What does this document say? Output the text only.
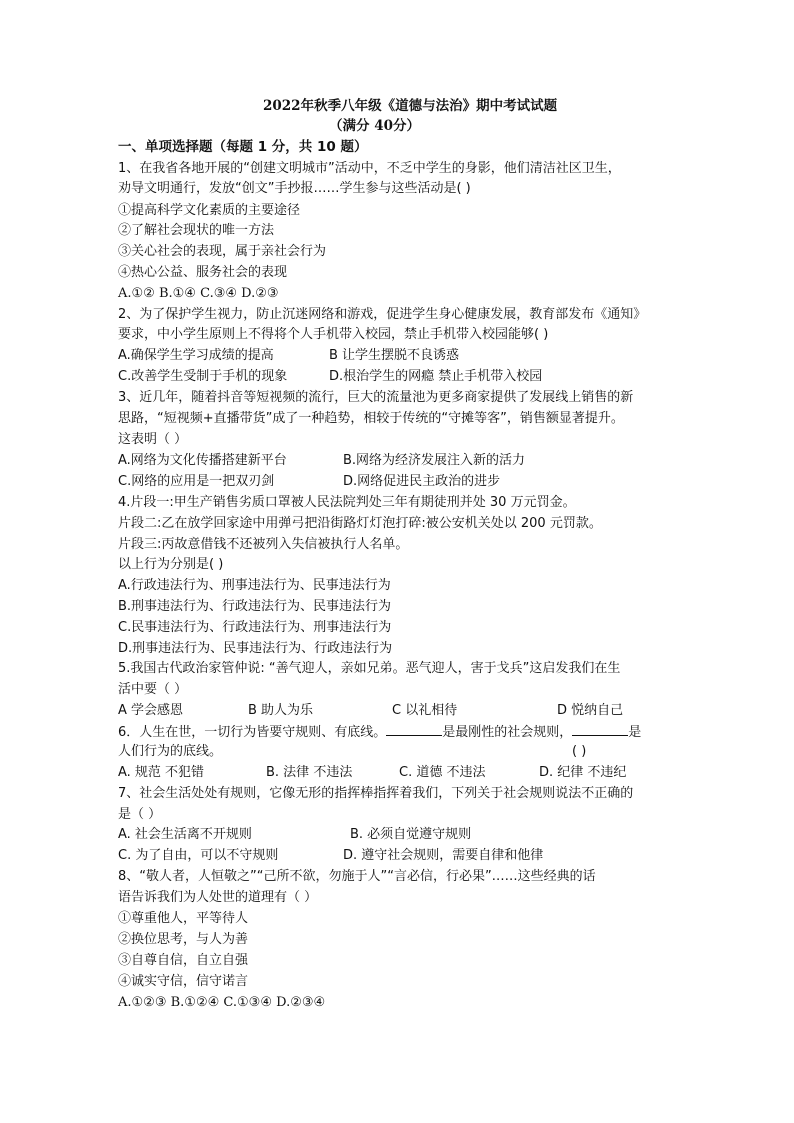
2022年秋季八年级《道德与法治》期中考试试题
（满分 40分）
一、单项选择题（每题 1 分，共 10 题）
1、在我省各地开展的“创建文明城市”活动中，不乏中学生的身影，他们清洁社区卫生，
劝导文明通行，发放“创文”手抄报……学生参与这些活动是( )
①提高科学文化素质的主要途径
②了解社会现状的唯一方法
③关心社会的表现，属于亲社会行为
④热心公益、服务社会的表现
A.①② B.①④ C.③④ D.②③
2、为了保护学生视力，防止沉迷网络和游戏，促进学生身心健康发展，教育部发布《通知》
要求，中小学生原则上不得将个人手机带入校园，禁止手机带入校园能够( )
A.确保学生学习成绩的提高	B 让学生摆脱不良诱惑
C.改善学生受制于手机的现象	D.根治学生的网瘾 禁止手机带入校园
3、近几年，随着抖音等短视频的流行，巨大的流量池为更多商家提供了发展线上销售的新
思路，“短视频+直播带货”成了一种趋势，相较于传统的“守摊等客”，销售额显著提升。
这表明（ ）
A.网络为文化传播搭建新平台	B.网络为经济发展注入新的活力
C.网络的应用是一把双刃剑	D.网络促进民主政治的进步
4.片段一:甲生产销售劣质口罩被人民法院判处三年有期徒刑并处 30 万元罚金。
片段二:乙在放学回家途中用弹弓把沿街路灯灯泡打碎:被公安机关处以 200 元罚款。
片段三:丙故意借钱不还被列入失信被执行人名单。
以上行为分别是( )
A.行政违法行为、刑事违法行为、民事违法行为
B.刑事违法行为、行政违法行为、民事违法行为
C.民事违法行为、行政违法行为、刑事违法行为
D.刑事违法行为、民事违法行为、行政违法行为
5.我国古代政治家管仲说: “善气迎人，亲如兄弟。恶气迎人，害于戈兵”这启发我们在生
活中要（ ）
A 学会感恩	B 助人为乐	C 以礼相待	D 悦纳自己
6．人生在世，一切行为皆要守规则、有底线。	是最刚性的社会规则，	是
人们行为的底线。	( )
A. 规范 不犯错	B. 法律 不违法	C. 道德 不违法	D. 纪律 不违纪
7、社会生活处处有规则，它像无形的指挥棒指挥着我们，下列关于社会规则说法不正确的
是（ ）
A. 社会生活离不开规则	B. 必须自觉遵守规则
C. 为了自由，可以不守规则	D. 遵守社会规则，需要自律和他律
8、“敬人者，人恒敬之”“己所不欲，勿施于人”“言必信，行必果”……这些经典的话
语告诉我们为人处世的道理有（ ）
①尊重他人，平等待人
②换位思考，与人为善
③自尊自信，自立自强
④诚实守信，信守诺言
A.①②③ B.①②④ C.①③④ D.②③④
